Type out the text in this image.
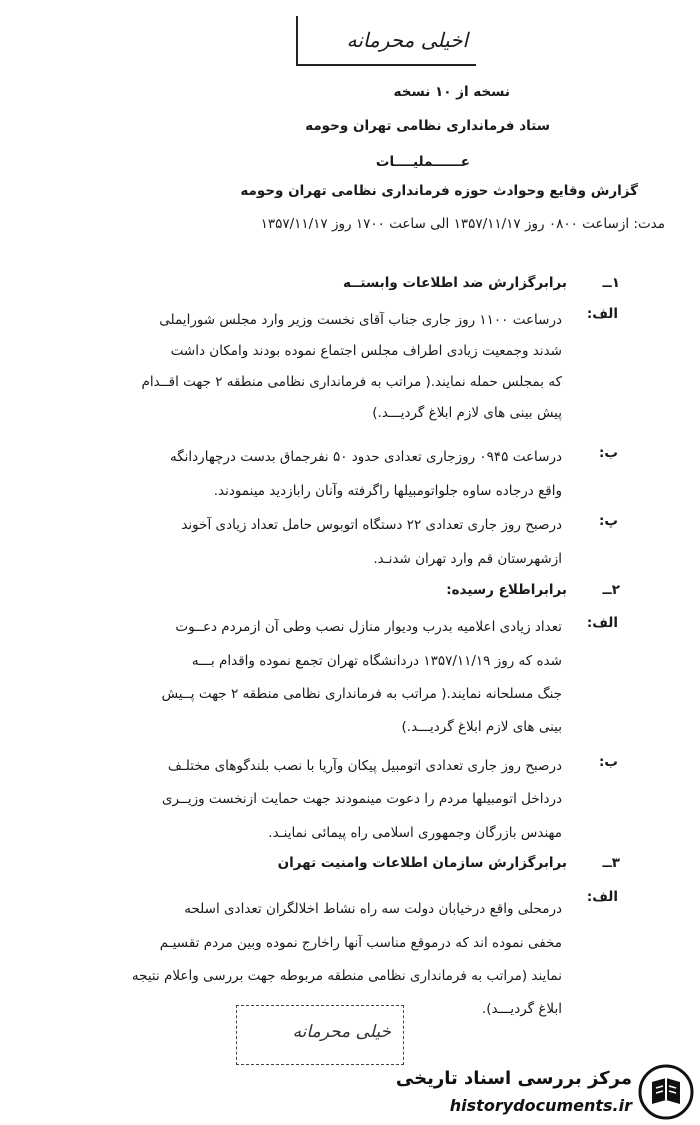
اخیلی محرمانه
نسخه از ۱۰ نسخه
ستاد فرمانداری نظامی تهران وحومه
عــــــملیــــات
گزارش وقایع وحوادث حوزه فرمانداری نظامی تهران وحومه
مدت: ازساعت ۰۸۰۰ روز ۱۳۵۷/۱۱/۱۷ الی ساعت ۱۷۰۰ روز ۱۳۵۷/۱۱/۱۷
۱ــ
برابرگزارش ضد اطلاعات وابستــه
الف:
درساعت ۱۱۰۰ روز جاری جناب آقای نخست وزیر وارد مجلس شورایملی
شدند وجمعیت زیادی اطراف مجلس اجتماع نموده بودند وامکان داشت
که بمجلس حمله نمایند.( مراتب به فرمانداری نظامی منطقه ۲ جهت اقــدام
پیش بینی های لازم ابلاغ گردیـــد.)
ب:
درساعت ۰۹۴۵ روزجاری تعدادی حدود ۵۰ نفرجماق بدست درچهاردانگه
واقع درجاده ساوه جلواتومبیلها راگرفته وآنان رابازدید مینمودند.
پ:
درصبح روز جاری تعدادی ۲۲ دستگاه اتوبوس حامل تعداد زیادی آخوند
ازشهرستان قم وارد تهران شدنـد.
۲ــ
برابراطلاع رسیده:
الف:
تعداد زیادی اعلامیه بدرب ودیوار منازل نصب وطی آن ازمردم دعــوت
شده که روز ۱۳۵۷/۱۱/۱۹ دردانشگاه تهران تجمع نموده واقدام بـــه
جنگ مسلحانه نمایند.( مراتب به فرمانداری نظامی منطقه ۲ جهت پــیش
بینی های لازم ابلاغ گردیـــد.)
ب:
درصبح روز جاری تعدادی اتومبیل پیکان وآریا با نصب بلندگوهای مختلـف
درداخل اتومبیلها مردم را دعوت مینمودند جهت حمایت ازنخست وزیــری
مهندس بازرگان وجمهوری اسلامی راه پیمائی نماینـد.
۳ــ
برابرگزارش سازمان اطلاعات وامنیت تهران
الف:
درمحلی واقع درخیابان دولت سه راه نشاط اخلالگران تعدادی اسلحه
مخفی نموده اند که درموقع مناسب آنها راخارج نموده وبین مردم تقسیـم
نمایند (مراتب به فرمانداری نظامی منطقه مربوطه جهت بررسی واعلام نتیجه
ابلاغ گردیـــد).
خیلی محرمانه
مرکز بررسی اسناد تاریخی
historydocuments.ir
